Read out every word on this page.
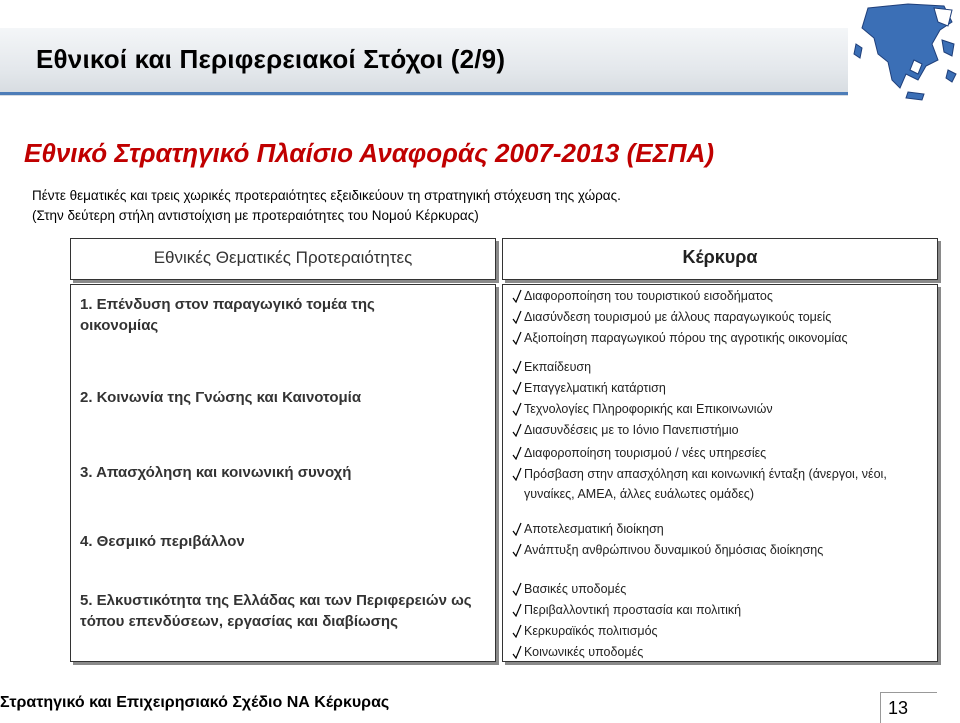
Εθνικοί και Περιφερειακοί Στόχοι (2/9)
Εθνικό Στρατηγικό Πλαίσιο Αναφοράς 2007-2013 (ΕΣΠΑ)
Πέντε θεματικές και τρεις χωρικές προτεραιότητες εξειδικεύουν τη στρατηγική στόχευση της χώρας.
(Στην δεύτερη στήλη αντιστοίχιση με προτεραιότητες του Νομού Κέρκυρας)
Εθνικές Θεματικές Προτεραιότητες	Κέρκυρα
1. Επένδυση στον παραγωγικό τομέα της οικονομίας
2. Κοινωνία της Γνώσης και Καινοτομία
3. Απασχόληση και κοινωνική συνοχή
4. Θεσμικό περιβάλλον
5. Ελκυστικότητα της Ελλάδας και των Περιφερειών ως τόπου επενδύσεων, εργασίας και διαβίωσης
Διαφοροποίηση του τουριστικού εισοδήματος
Διασύνδεση τουρισμού με άλλους παραγωγικούς τομείς
Αξιοποίηση παραγωγικού πόρου της αγροτικής οικονομίας
Εκπαίδευση
Επαγγελματική κατάρτιση
Τεχνολογίες Πληροφορικής και Επικοινωνιών
Διασυνδέσεις με το Ιόνιο Πανεπιστήμιο
Διαφοροποίηση τουρισμού / νέες υπηρεσίες
Πρόσβαση στην απασχόληση και κοινωνική ένταξη (άνεργοι, νέοι, γυναίκες, ΑΜΕΑ, άλλες ευάλωτες ομάδες)
Αποτελεσματική διοίκηση
Ανάπτυξη ανθρώπινου δυναμικού δημόσιας διοίκησης
Βασικές υποδομές
Περιβαλλοντική προστασία και πολιτική
Κερκυραϊκός πολιτισμός
Κοινωνικές υποδομές

Στρατηγικό και Επιχειρησιακό Σχέδιο ΝΑ Κέρκυρας	13
